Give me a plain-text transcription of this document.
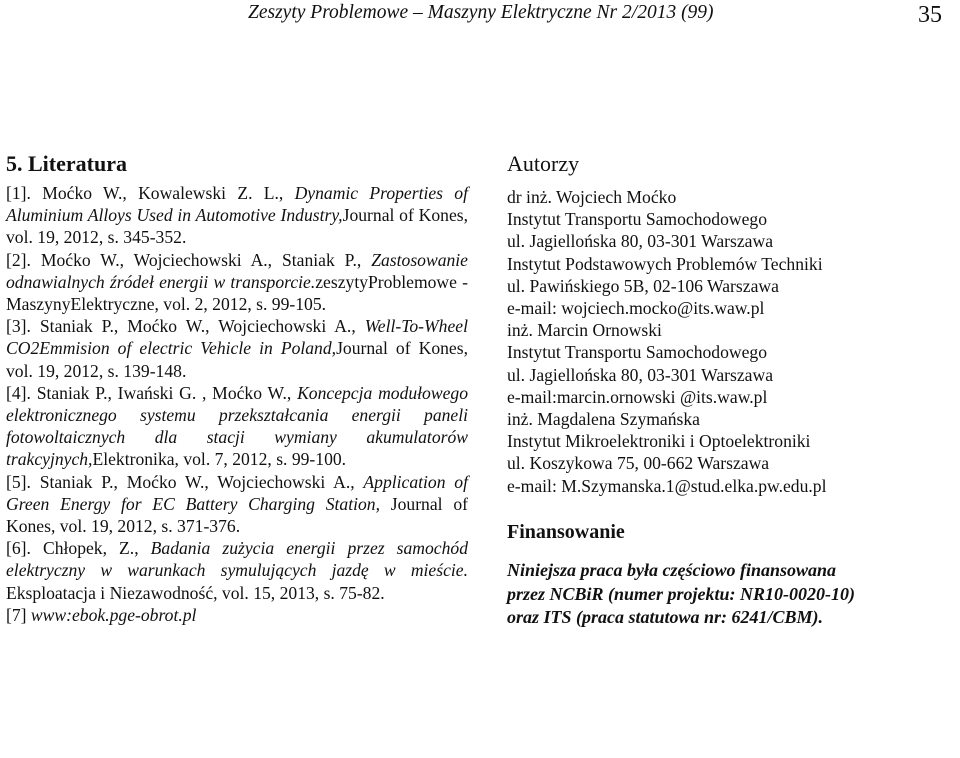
Zeszyty Problemowe – Maszyny Elektryczne Nr 2/2013 (99)	35
5. Literatura
[1]. Moćko W., Kowalewski Z. L., Dynamic Properties of Aluminium Alloys Used in Automotive Industry,Journal of Kones, vol. 19, 2012, s. 345-352.
[2]. Moćko W., Wojciechowski A., Staniak P., Zastosowanie odnawialnych źródeł energii w transporcie.zeszytyProblemowe - MaszynyElektryczne, vol. 2, 2012, s. 99-105.
[3]. Staniak P., Moćko W., Wojciechowski A., Well-To-Wheel CO2Emmision of electric Vehicle in Poland,Journal of Kones, vol. 19, 2012, s. 139-148.
[4]. Staniak P., Iwański G. , Moćko W., Koncepcja modułowego elektronicznego systemu przekształcania energii paneli fotowoltaicznych dla stacji wymiany akumulatorów trakcyjnych,Elektronika, vol. 7, 2012, s. 99-100.
[5]. Staniak P., Moćko W., Wojciechowski A., Application of Green Energy for EC Battery Charging Station, Journal of Kones, vol. 19, 2012, s. 371-376.
[6]. Chłopek, Z., Badania zużycia energii przez samochód elektryczny w warunkach symulujących jazdę w mieście. Eksploatacja i Niezawodność, vol. 15, 2013, s. 75-82.
[7] www:ebok.pge-obrot.pl
Autorzy
dr inż. Wojciech Moćko
Instytut Transportu Samochodowego
ul. Jagiellońska 80, 03-301 Warszawa
Instytut Podstawowych Problemów Techniki
ul. Pawińskiego 5B, 02-106 Warszawa
e-mail: wojciech.mocko@its.waw.pl
inż. Marcin Ornowski
Instytut Transportu Samochodowego
ul. Jagiellońska 80, 03-301 Warszawa
e-mail:marcin.ornowski @its.waw.pl
inż. Magdalena Szymańska
Instytut Mikroelektroniki i Optoelektroniki
ul. Koszykowa 75, 00-662 Warszawa
e-mail: M.Szymanska.1@stud.elka.pw.edu.pl
Finansowanie
Niniejsza praca była częściowo finansowana
przez NCBiR (numer projektu: NR10-0020-10)
oraz ITS (praca statutowa nr: 6241/CBM).
